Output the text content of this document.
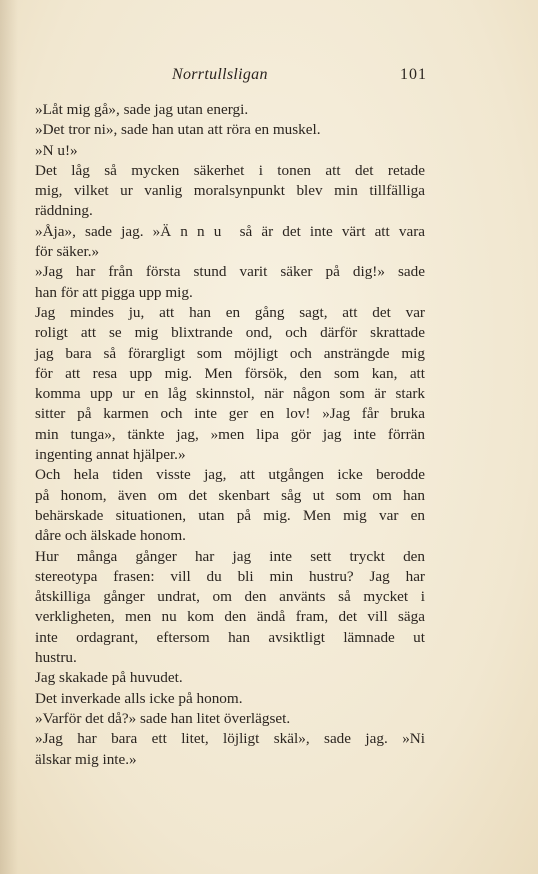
Norrtullsligan	101
»Låt mig gå», sade jag utan energi.
»Det tror ni», sade han utan att röra en muskel.
»N u!»
Det låg så mycken säkerhet i tonen att det retade
mig, vilket ur vanlig moralsynpunkt blev min tillfälliga
räddning.
»Åja», sade jag. »Ä n n u  så är det inte värt att vara
för säker.»
»Jag har från första stund varit säker på dig!» sade
han för att pigga upp mig.
Jag mindes ju, att han en gång sagt, att det var
roligt att se mig blixtrande ond, och därför skrattade
jag bara så förargligt som möjligt och ansträngde mig
för att resa upp mig. Men försök, den som kan, att
komma upp ur en låg skinnstol, när någon som är stark
sitter på karmen och inte ger en lov! »Jag får bruka
min tunga», tänkte jag, »men lipa gör jag inte förrän
ingenting annat hjälper.»
Och hela tiden visste jag, att utgången icke berodde
på honom, även om det skenbart såg ut som om han
behärskade situationen, utan på mig. Men mig var en
dåre och älskade honom.
Hur många gånger har jag inte sett tryckt den
stereotypa frasen: vill du bli min hustru? Jag har
åtskilliga gånger undrat, om den använts så mycket i
verkligheten, men nu kom den ändå fram, det vill säga
inte ordagrant, eftersom han avsiktligt lämnade ut
hustru.
Jag skakade på huvudet.
Det inverkade alls icke på honom.
»Varför det då?» sade han litet överlägset.
»Jag har bara ett litet, löjligt skäl», sade jag. »Ni
älskar mig inte.»
